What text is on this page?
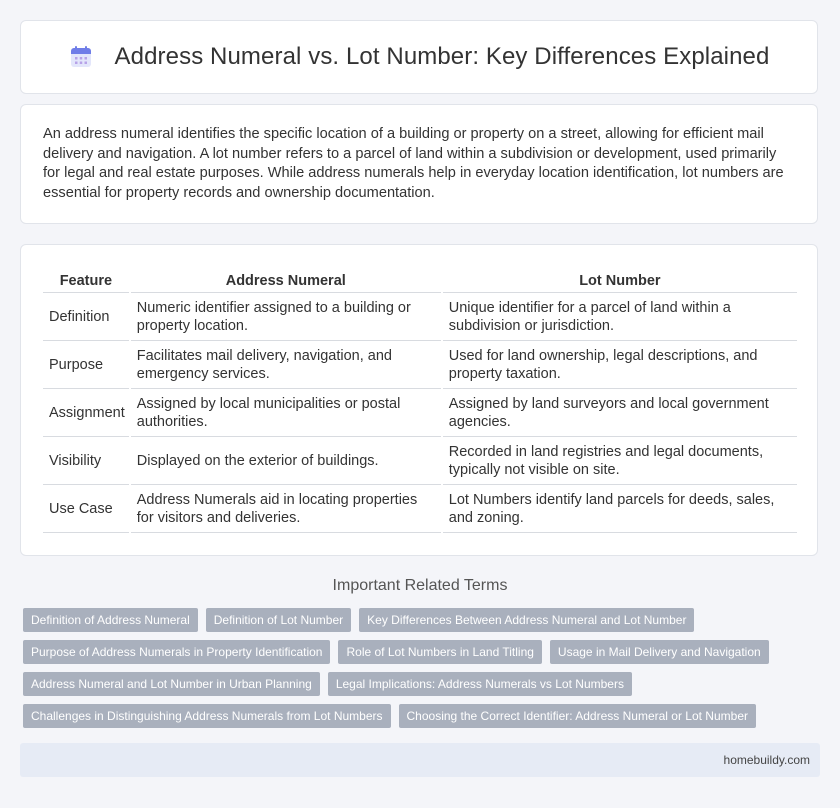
Address Numeral vs. Lot Number: Key Differences Explained

An address numeral identifies the specific location of a building or property on a street, allowing for efficient mail delivery and navigation. A lot number refers to a parcel of land within a subdivision or development, used primarily for legal and real estate purposes. While address numerals help in everyday location identification, lot numbers are essential for property records and ownership documentation.

Feature	Address Numeral	Lot Number
Definition	Numeric identifier assigned to a building or property location.	Unique identifier for a parcel of land within a subdivision or jurisdiction.
Purpose	Facilitates mail delivery, navigation, and emergency services.	Used for land ownership, legal descriptions, and property taxation.
Assignment	Assigned by local municipalities or postal authorities.	Assigned by land surveyors and local government agencies.
Visibility	Displayed on the exterior of buildings.	Recorded in land registries and legal documents, typically not visible on site.
Use Case	Address Numerals aid in locating properties for visitors and deliveries.	Lot Numbers identify land parcels for deeds, sales, and zoning.
Important Related Terms
Definition of Address Numeral	Definition of Lot Number	Key Differences Between Address Numeral and Lot Number
Purpose of Address Numerals in Property Identification	Role of Lot Numbers in Land Titling	Usage in Mail Delivery and Navigation
Address Numeral and Lot Number in Urban Planning	Legal Implications: Address Numerals vs Lot Numbers
Challenges in Distinguishing Address Numerals from Lot Numbers	Choosing the Correct Identifier: Address Numeral or Lot Number
homebuildy.com
